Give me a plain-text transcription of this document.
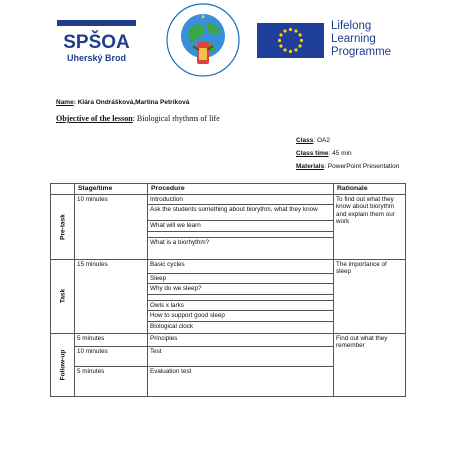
SPŠOA
Uherský Brod
Lifelong
Learning
Programme
Name: Klára Ondrášková,Martina Petríková
Objective of the lesson: Biological rhythms of life
Class: OA2
Class time: 45 min
Materials: PowerPoint Presentation
	Stage/time	Procedure	Rationale

Pre-task	10 minutes	Introduction	To find out what they know about biorythm and explain them our work
		Ask the students something about biorythm, what they know	
		What will we learn	

		What is a biorhythm?	

Task	15 minutes	Basic cycles	The importance of sleep
		Sleep	
		Why do we sleep?	

		Owls x larks	
		How to support good sleep	
		Biological clock	

Follow-up	5 minutes	Principles	Find out what they remember
	10 minutes	Test	
	5 minutes	Evaluation test	
